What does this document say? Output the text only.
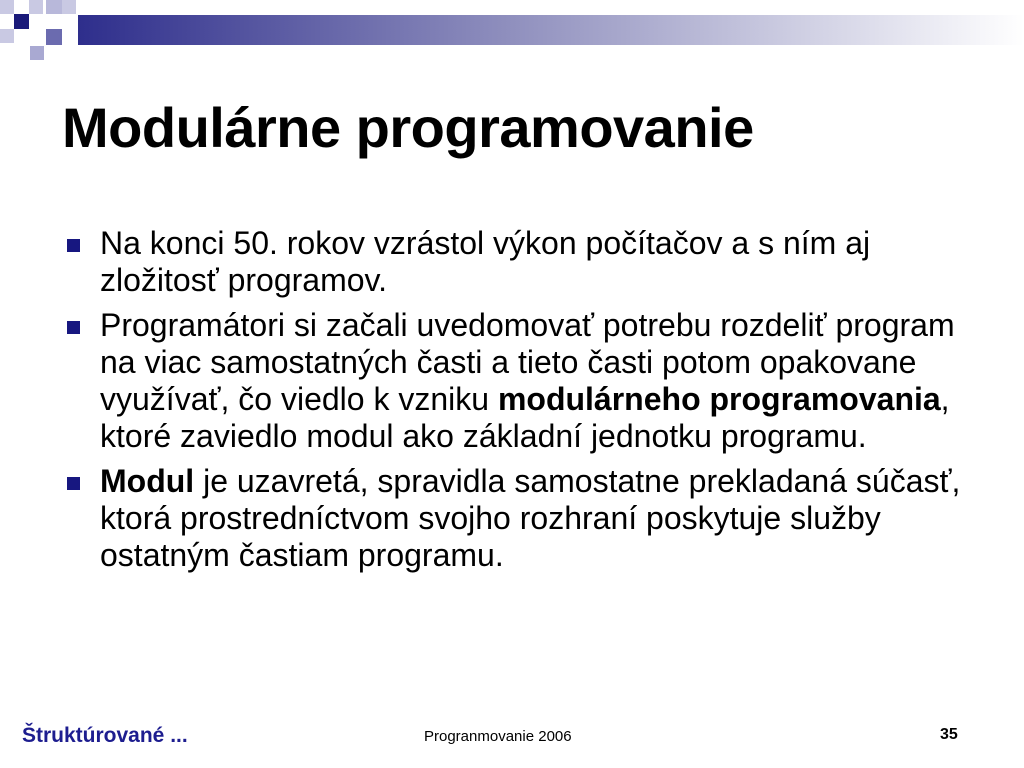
Modulárne programovanie
Na konci 50. rokov vzrástol výkon počítačov a s ním aj zložitosť programov.
Programátori si začali uvedomovať potrebu rozdeliť program na viac samostatných časti a tieto časti potom opakovane využívať, čo viedlo k vzniku modulárneho programovania, ktoré zaviedlo modul ako základní jednotku programu.
Modul je uzavretá, spravidla samostatne prekladaná súčasť, ktorá prostredníctvom svojho rozhraní poskytuje služby ostatným častiam programu.
Štruktúrované ...	Progranmovanie 2006	35
